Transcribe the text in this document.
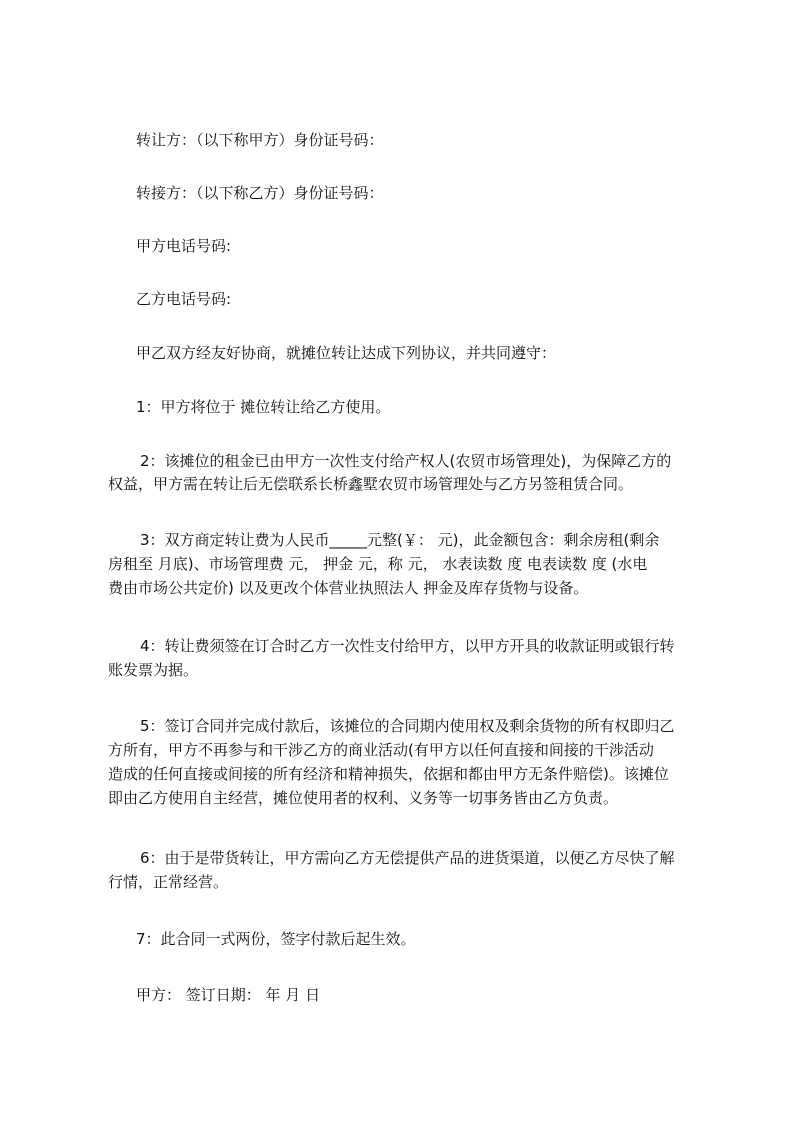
转让方：（以下称甲方）身份证号码：
转接方：（以下称乙方）身份证号码：
甲方电话号码:
乙方电话号码:
甲乙双方经友好协商，就摊位转让达成下列协议，并共同遵守：
1：甲方将位于 摊位转让给乙方使用。
2：该摊位的租金已由甲方一次性支付给产权人(农贸市场管理处)，为保障乙方的
权益，甲方需在转让后无偿联系长桥鑫墅农贸市场管理处与乙方另签租赁合同。
3：双方商定转让费为人民币_____元整(￥： 元)，此金额包含：剩余房租(剩余
房租至 月底)、市场管理费 元， 押金 元，称 元， 水表读数 度 电表读数 度 (水电
费由市场公共定价) 以及更改个体营业执照法人 押金及库存货物与设备。
4：转让费须签在订合时乙方一次性支付给甲方，以甲方开具的收款证明或银行转
账发票为据。
5：签订合同并完成付款后，该摊位的合同期内使用权及剩余货物的所有权即归乙
方所有，甲方不再参与和干涉乙方的商业活动(有甲方以任何直接和间接的干涉活动
造成的任何直接或间接的所有经济和精神损失，依据和都由甲方无条件赔偿)。该摊位
即由乙方使用自主经营，摊位使用者的权利、义务等一切事务皆由乙方负责。
6：由于是带货转让，甲方需向乙方无偿提供产品的进货渠道，以便乙方尽快了解
行情，正常经营。
7：此合同一式两份，签字付款后起生效。
甲方： 签订日期： 年 月 日
